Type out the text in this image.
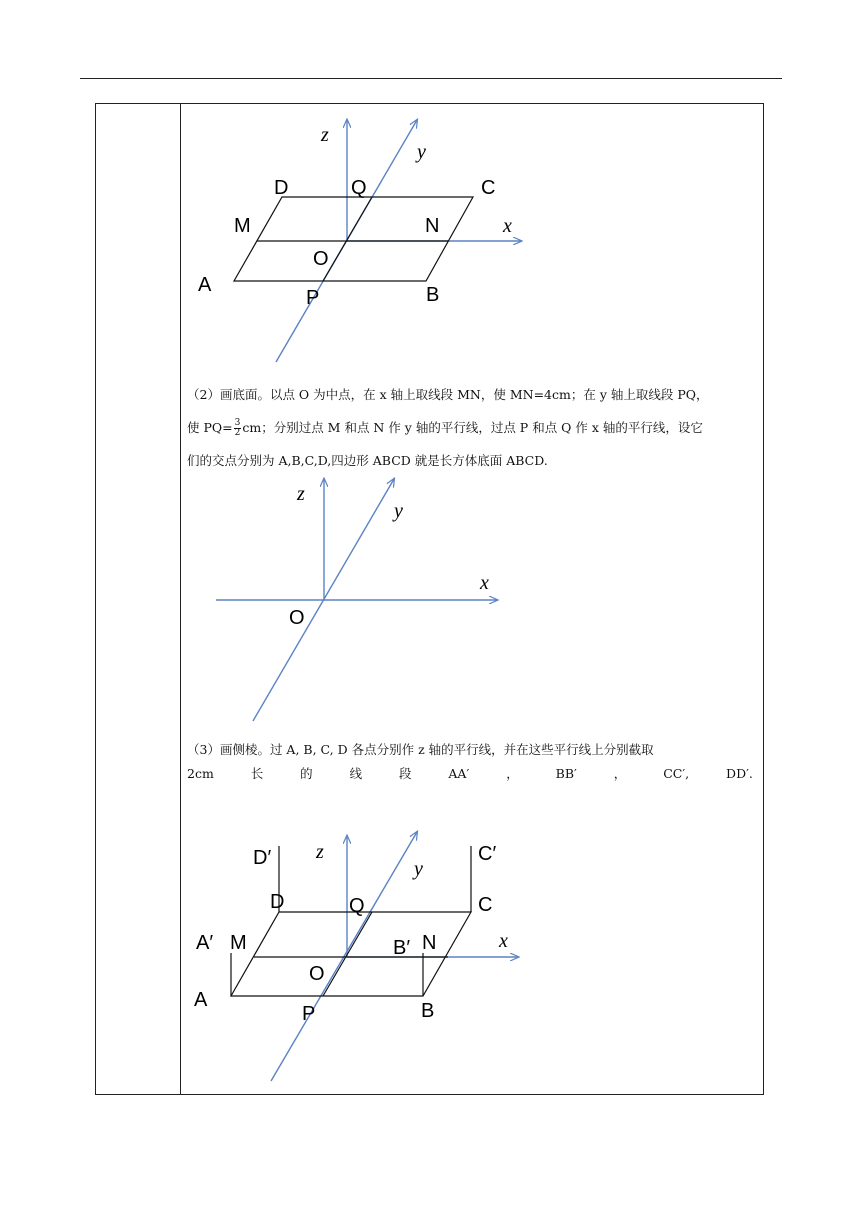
z
y
x
D	Q	C
M	N
O
A
P	B
（2）画底面。以点 O 为中点，在 x 轴上取线段 MN，使 MN=4cm；在 y 轴上取线段 PQ，
使 $PQ= \frac{3}{2}$ cm；分别过点 M 和点 N 作 y 轴的平行线，过点 P 和点 Q 作 x 轴的平行线，设它
们的交点分别为 A,B,C,D,四边形 ABCD 就是长方体底面 ABCD.
z
y
x
O
（3）画侧棱。过 A, B, C, D 各点分别作 z 轴的平行线，并在这些平行线上分别截取
2cm	长	的	线	段	AA′	，	BB′	，	CC′,	DD′.
D′ z	C′
y
D	Q	C
A′ M	B′ N	x
O
A
P	B
